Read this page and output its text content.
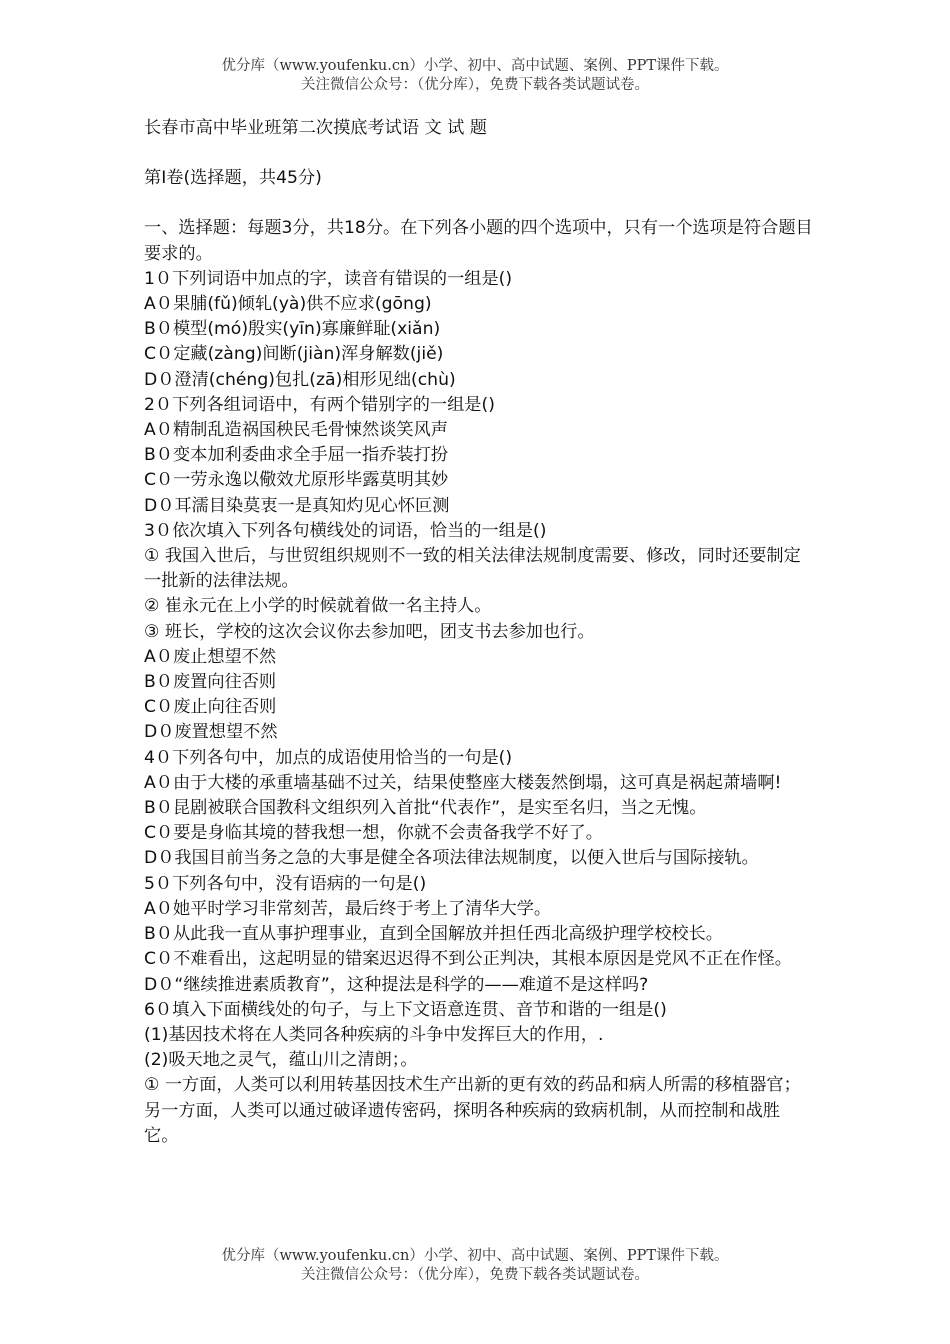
优分库（www.youfenku.cn）小学、初中、高中试题、案例、PPT课件下载。
关注微信公众号：（优分库），免费下载各类试题试卷。

长春市高中毕业班第二次摸底考试语 文 试 题

第Ⅰ卷(选择题，共45分)

一、选择题：每题3分，共18分。在下列各小题的四个选项中，只有一个选项是符合题目要求的。

1０下列词语中加点的字，读音有错误的一组是()

A０果脯(fǔ)倾轧(yà)供不应求(gōng)

B０模型(mó)殷实(yīn)寡廉鲜耻(xiǎn)

C０定藏(zàng)间断(jiàn)浑身解数(jiě)

D０澄清(chéng)包扎(zā)相形见绌(chù)

2０下列各组词语中，有两个错别字的一组是()

A０精制乱造祸国秧民毛骨悚然谈笑风声

B０变本加利委曲求全手屈一指乔装打扮

C０一劳永逸以儆效尤原形毕露莫明其妙

D０耳濡目染莫衷一是真知灼见心怀叵测

3０依次填入下列各句横线处的词语，恰当的一组是()

① 我国入世后，与世贸组织规则不一致的相关法律法规制度需要、修改，同时还要制定一批新的法律法规。

② 崔永元在上小学的时候就着做一名主持人。

③ 班长，学校的这次会议你去参加吧，团支书去参加也行。

A０废止想望不然

B０废置向往否则

C０废止向往否则

D０废置想望不然

4０下列各句中，加点的成语使用恰当的一句是()

A０由于大楼的承重墙基础不过关，结果使整座大楼轰然倒塌，这可真是祸起萧墙啊!

B０昆剧被联合国教科文组织列入首批“代表作”，是实至名归，当之无愧。

C０要是身临其境的替我想一想，你就不会责备我学不好了。

D０我国目前当务之急的大事是健全各项法律法规制度，以便入世后与国际接轨。

5０下列各句中，没有语病的一句是()

A０她平时学习非常刻苦，最后终于考上了清华大学。

B０从此我一直从事护理事业，直到全国解放并担任西北高级护理学校校长。

C０不难看出，这起明显的错案迟迟得不到公正判决，其根本原因是党风不正在作怪。

D０“继续推进素质教育”，这种提法是科学的——难道不是这样吗?

6０填入下面横线处的句子，与上下文语意连贯、音节和谐的一组是()

(1)基因技术将在人类同各种疾病的斗争中发挥巨大的作用，.

(2)吸天地之灵气，蕴山川之清朗；。

① 一方面，人类可以利用转基因技术生产出新的更有效的药品和病人所需的移植器官；另一方面，人类可以通过破译遗传密码，探明各种疾病的致病机制，从而控制和战胜它。

优分库（www.youfenku.cn）小学、初中、高中试题、案例、PPT课件下载。
关注微信公众号：（优分库），免费下载各类试题试卷。
